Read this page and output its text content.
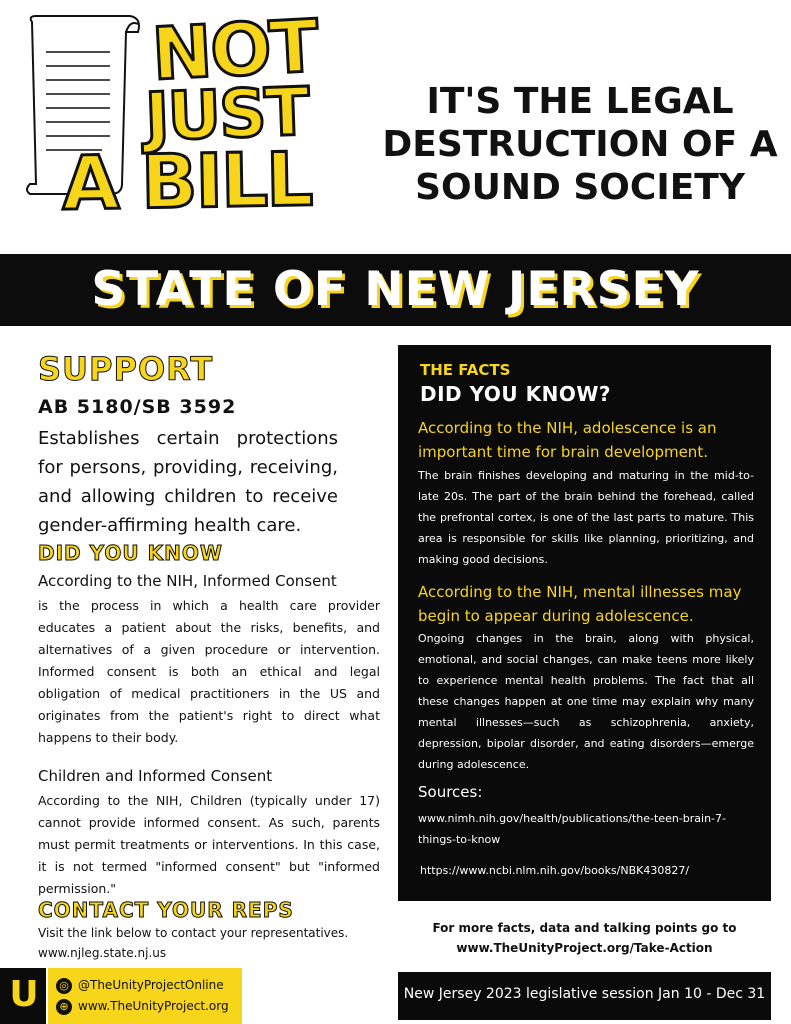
NOT
JUST
A BILL
IT'S THE LEGAL DESTRUCTION OF A SOUND SOCIETY
STATE OF NEW JERSEY
SUPPORT
AB 5180/SB 3592
Establishes certain protections for persons, providing, receiving, and allowing children to receive gender-affirming health care.
DID YOU KNOW
According to the NIH, Informed Consent
is the process in which a health care provider educates a patient about the risks, benefits, and alternatives of a given procedure or intervention. Informed consent is both an ethical and legal obligation of medical practitioners in the US and originates from the patient's right to direct what happens to their body.
Children and Informed Consent
According to the NIH, Children (typically under 17) cannot provide informed consent. As such, parents must permit treatments or interventions. In this case, it is not termed "informed consent" but "informed permission."
CONTACT YOUR REPS
Visit the link below to contact your representatives.
www.njleg.state.nj.us
THE FACTS
DID YOU KNOW?
According to the NIH, adolescence is an important time for brain development.
The brain finishes developing and maturing in the mid-to-late 20s. The part of the brain behind the forehead, called the prefrontal cortex, is one of the last parts to mature. This area is responsible for skills like planning, prioritizing, and making good decisions.
According to the NIH, mental illnesses may begin to appear during adolescence.
Ongoing changes in the brain, along with physical, emotional, and social changes, can make teens more likely to experience mental health problems. The fact that all these changes happen at one time may explain why many mental illnesses—such as schizophrenia, anxiety, depression, bipolar disorder, and eating disorders—emerge during adolescence.
Sources:
www.nimh.nih.gov/health/publications/the-teen-brain-7-things-to-know
https://www.ncbi.nlm.nih.gov/books/NBK430827/
For more facts, data and talking points go to
www.TheUnityProject.org/Take-Action
U	◎
⊕
@TheUnityProjectOnline
www.TheUnityProject.org
New Jersey 2023 legislative session Jan 10 - Dec 31
